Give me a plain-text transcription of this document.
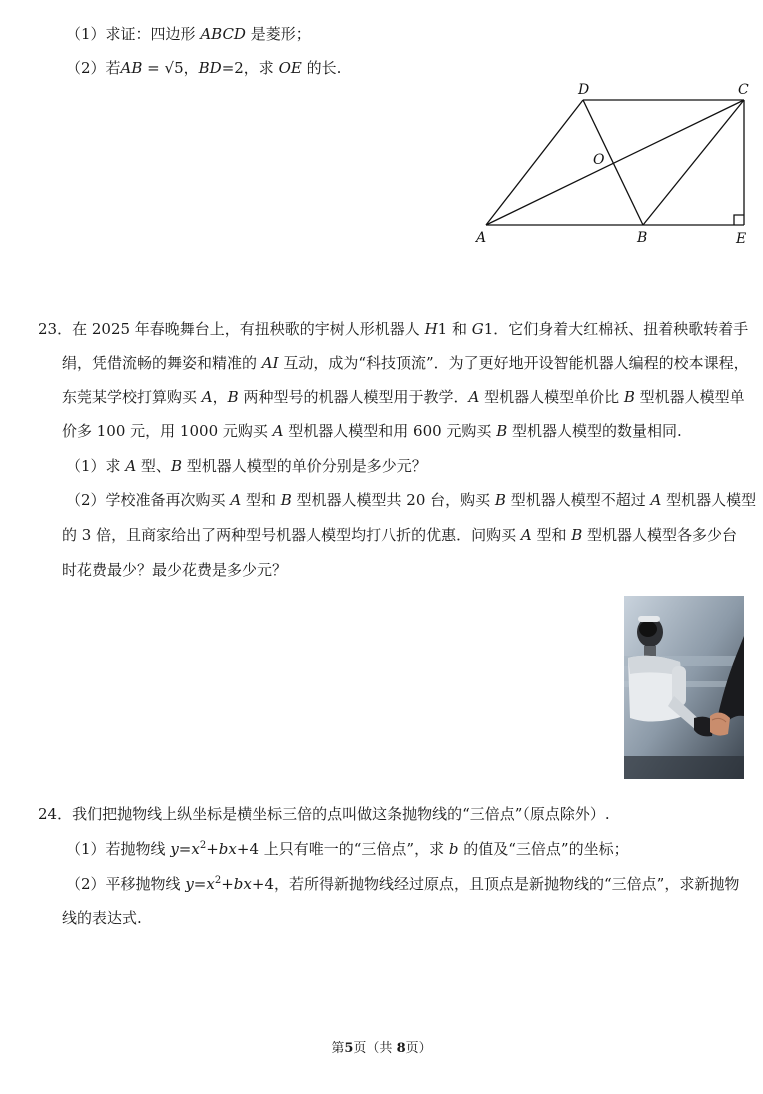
（1）求证：四边形 ABCD 是菱形；
（2）若AB = √5，BD=2，求 OE 的长.
D	C
O
A	B	E
23．在 2025 年春晚舞台上，有扭秧歌的宇树人形机器人 H1 和 G1．它们身着大红棉袄、扭着秧歌转着手
绢，凭借流畅的舞姿和精准的 AI 互动，成为“科技顶流”．为了更好地开设智能机器人编程的校本课程，
东莞某学校打算购买 A，B 两种型号的机器人模型用于教学．A 型机器人模型单价比 B 型机器人模型单
价多 100 元，用 1000 元购买 A 型机器人模型和用 600 元购买 B 型机器人模型的数量相同.
（1）求 A 型、B 型机器人模型的单价分别是多少元？
（2）学校准备再次购买 A 型和 B 型机器人模型共 20 台，购买 B 型机器人模型不超过 A 型机器人模型
的 3 倍，且商家给出了两种型号机器人模型均打八折的优惠．问购买 A 型和 B 型机器人模型各多少台
时花费最少？最少花费是多少元？
24．我们把抛物线上纵坐标是横坐标三倍的点叫做这条抛物线的“三倍点”（原点除外）.
（1）若抛物线 $y=x^2+bx+4$ 上只有唯一的“三倍点”，求 b 的值及“三倍点”的坐标；
（2）平移抛物线 $y=x^2+bx+4$，若所得新抛物线经过原点，且顶点是新抛物线的“三倍点”，求新抛物
线的表达式.
第5页（共 8页）
